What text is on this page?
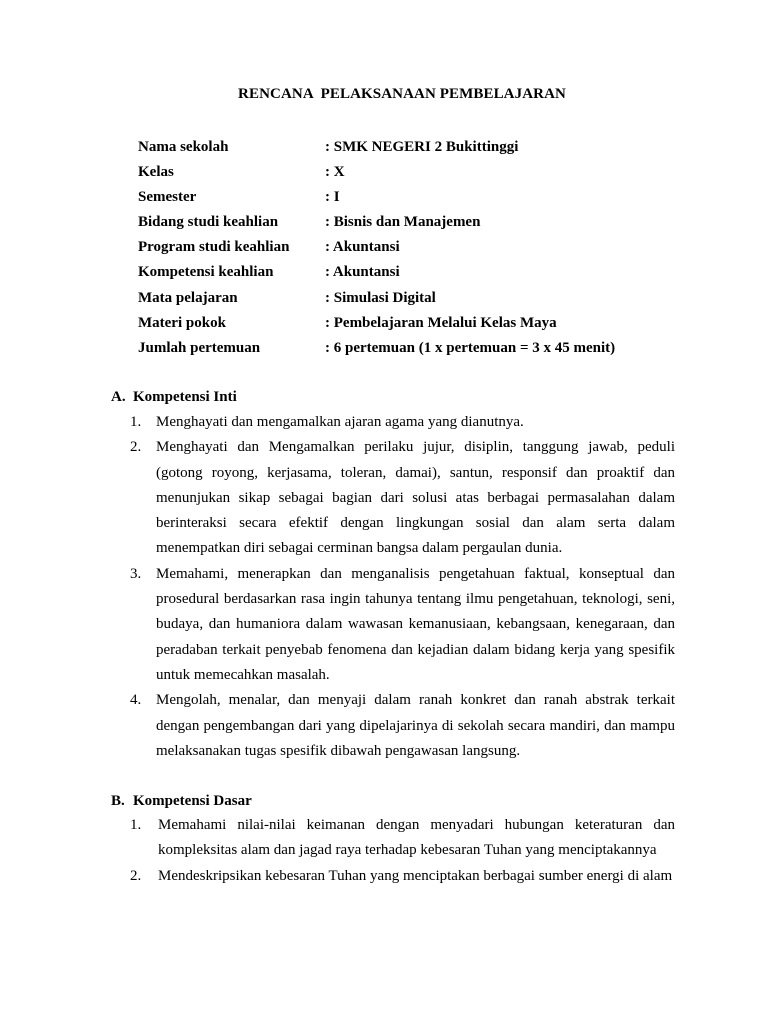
RENCANA  PELAKSANAAN PEMBELAJARAN
Nama sekolah	: SMK NEGERI 2 Bukittinggi
Kelas	: X
Semester	: I
Bidang studi keahlian	: Bisnis dan Manajemen
Program studi keahlian	: Akuntansi
Kompetensi keahlian	: Akuntansi
Mata pelajaran	: Simulasi Digital
Materi pokok	: Pembelajaran Melalui Kelas Maya
Jumlah pertemuan	: 6 pertemuan (1 x pertemuan = 3 x 45 menit)
A. Kompetensi Inti
1. Menghayati dan mengamalkan ajaran agama yang dianutnya.
2. Menghayati dan Mengamalkan perilaku jujur, disiplin, tanggung jawab, peduli (gotong royong, kerjasama, toleran, damai), santun, responsif dan proaktif dan menunjukan sikap sebagai bagian dari solusi atas berbagai permasalahan dalam berinteraksi secara efektif dengan lingkungan sosial dan alam serta dalam menempatkan diri sebagai cerminan bangsa dalam pergaulan dunia.
3. Memahami, menerapkan dan menganalisis pengetahuan faktual, konseptual dan prosedural berdasarkan rasa ingin tahunya tentang ilmu pengetahuan, teknologi, seni, budaya, dan humaniora dalam wawasan kemanusiaan, kebangsaan, kenegaraan, dan peradaban terkait penyebab fenomena dan kejadian dalam bidang kerja yang spesifik untuk memecahkan masalah.
4. Mengolah, menalar, dan menyaji dalam ranah konkret dan ranah abstrak terkait dengan pengembangan dari yang dipelajarinya di sekolah secara mandiri, dan mampu melaksanakan tugas spesifik dibawah pengawasan langsung.
B. Kompetensi Dasar
1.	Memahami nilai-nilai keimanan dengan menyadari hubungan keteraturan dan kompleksitas alam dan jagad raya terhadap kebesaran Tuhan yang menciptakannya
2.	Mendeskripsikan kebesaran Tuhan yang menciptakan berbagai sumber energi di alam
